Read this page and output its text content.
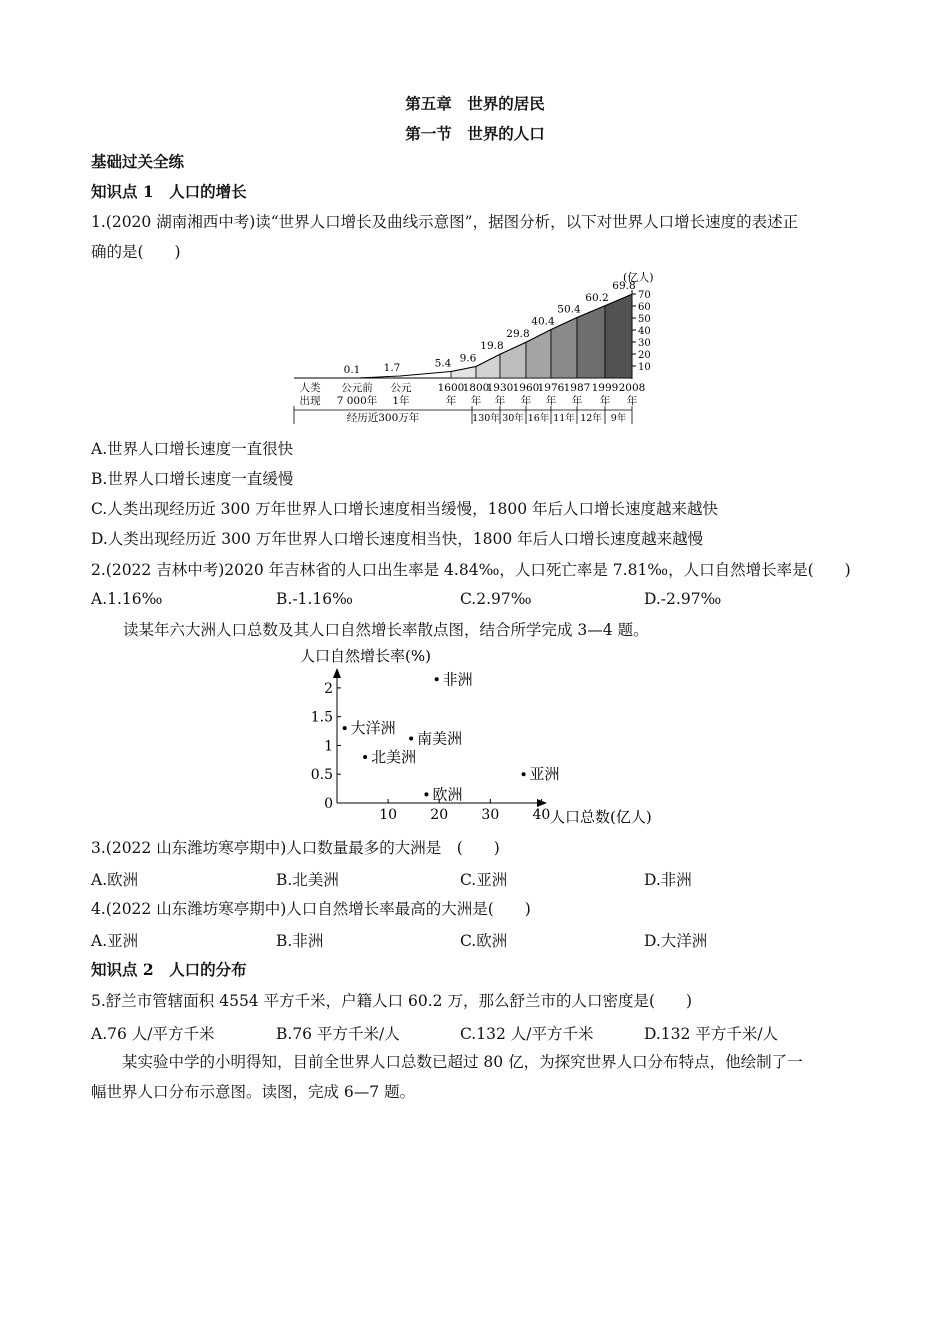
第五章　世界的居民
第一节　世界的人口
基础过关全练
知识点 1　人口的增长
1.(2020 湖南湘西中考)读“世界人口增长及曲线示意图”，据图分析，以下对世界人口增长速度的表述正
确的是(　　)
(亿人)
70
60
50
40
30
20
10
0.1 1.7	5.4 9.6
19.8
29.8
40.4
50.4
60.2
69.8
人类
出现
公元前
7 000年
公元
1年
1600
年
1800
年
1930
年
1960
年
1976
年
1987
年
1999
年
2008
年
经历近300万年	130年 30年 16年 11年 12年 9年
A.世界人口增长速度一直很快
B.世界人口增长速度一直缓慢
C.人类出现经历近 300 万年世界人口增长速度相当缓慢，1800 年后人口增长速度越来越快
D.人类出现经历近 300 万年世界人口增长速度相当快，1800 年后人口增长速度越来越慢
2.(2022 吉林中考)2020 年吉林省的人口出生率是 4.84‰，人口死亡率是 7.81‰，人口自然增长率是(　　)
A.1.16‰	B.-1.16‰	C.2.97‰	D.-2.97‰
读某年六大洲人口总数及其人口自然增长率散点图，结合所学完成 3—4 题。
人口自然增长率(%)
人口总数(亿人)
0
0.5
1
1.5
2
10 20 30 40
非洲
大洋洲
南美洲
北美洲
亚洲
欧洲
3.(2022 山东潍坊寒亭期中)人口数量最多的大洲是　(　　)
A.欧洲	B.北美洲	C.亚洲	D.非洲
4.(2022 山东潍坊寒亭期中)人口自然增长率最高的大洲是(　　)
A.亚洲	B.非洲	C.欧洲	D.大洋洲
知识点 2　人口的分布
5.舒兰市管辖面积 4554 平方千米，户籍人口 60.2 万，那么舒兰市的人口密度是(　　)
A.76 人/平方千米	B.76 平方千米/人	C.132 人/平方千米	D.132 平方千米/人
　　某实验中学的小明得知，目前全世界人口总数已超过 80 亿，为探究世界人口分布特点，他绘制了一
幅世界人口分布示意图。读图，完成 6—7 题。
